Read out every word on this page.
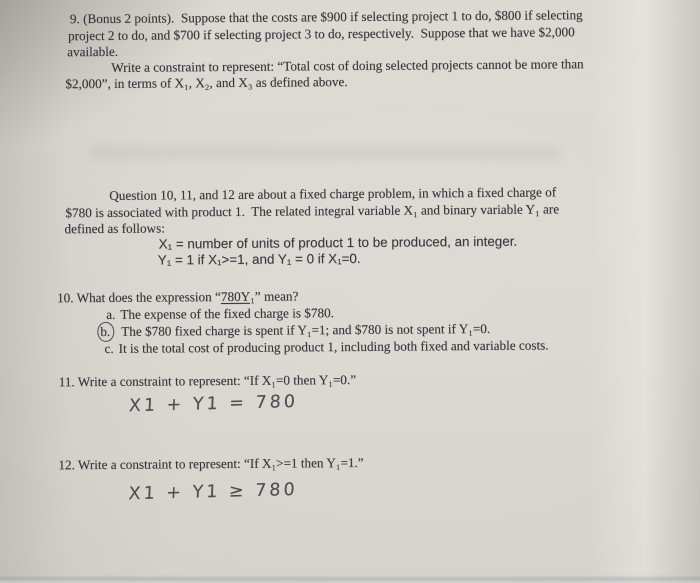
9. (Bonus 2 points).  Suppose that the costs are $900 if selecting project 1 to do, $800 if selecting
project 2 to do, and $700 if selecting project 3 to do, respectively.  Suppose that we have $2,000
available.
Write a constraint to represent: “Total cost of doing selected projects cannot be more than
$2,000”, in terms of X₁, X₂, and X₃ as defined above.
Question 10, 11, and 12 are about a fixed charge problem, in which a fixed charge of
$780 is associated with product 1.  The related integral variable X₁ and binary variable Y₁ are
defined as follows:
X₁ = number of units of product 1 to be produced, an integer.
Y₁ = 1 if X₁>=1, and Y₁ = 0 if X₁=0.
10. What does the expression “780Y₁” mean?
a. The expense of the fixed charge is $780.
b. The $780 fixed charge is spent if Y₁=1; and $780 is not spent if Y₁=0.
c. It is the total cost of producing product 1, including both fixed and variable costs.
11. Write a constraint to represent: “If X₁=0 then Y₁=0.”
X1 + Y1 = 780
12. Write a constraint to represent: “If X₁>=1 then Y₁=1.”
X1 + Y1 ≥ 780
